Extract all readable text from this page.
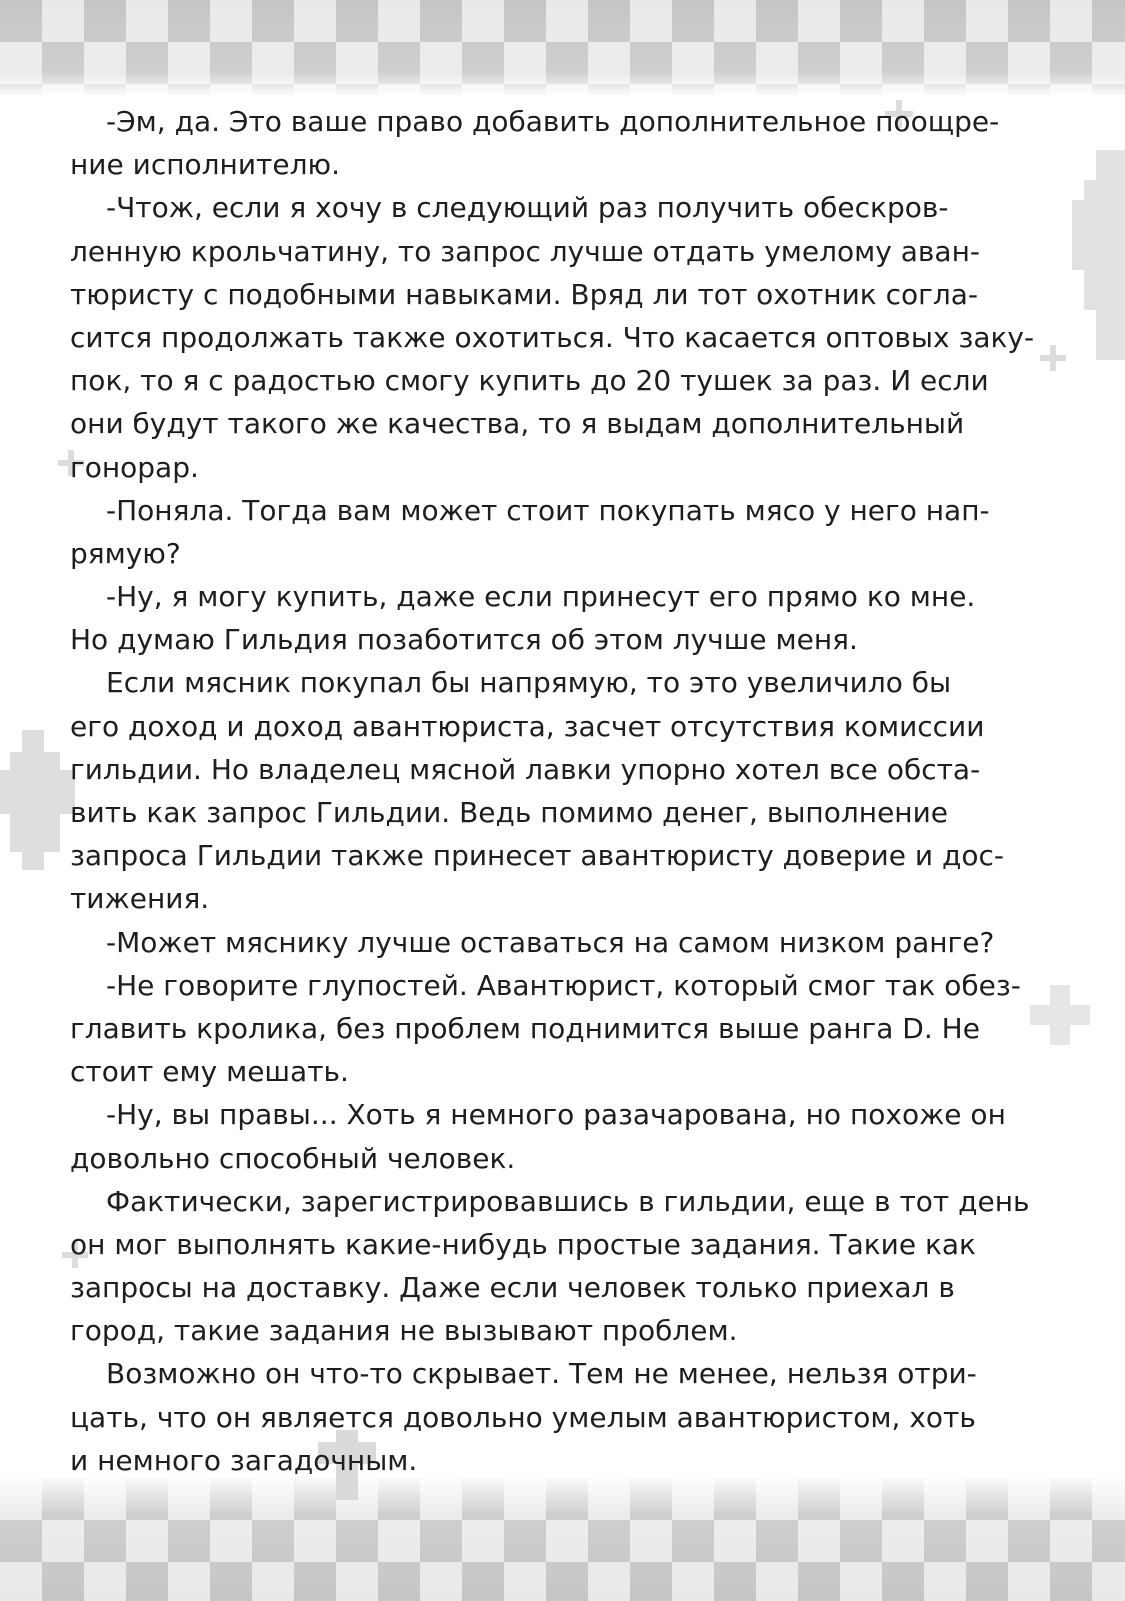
-Эм, да. Это ваше право добавить дополнительное поощре-
ние исполнителю.
-Чтож, если я хочу в следующий раз получить обескров-
ленную крольчатину, то запрос лучше отдать умелому аван-
тюристу с подобными навыками. Вряд ли тот охотник согла-
сится продолжать также охотиться. Что касается оптовых заку-
пок, то я с радостью смогу купить до 20 тушек за раз. И если
они будут такого же качества, то я выдам дополнительный
гонорар.
-Поняла. Тогда вам может стоит покупать мясо у него нап-
рямую?
-Ну, я могу купить, даже если принесут его прямо ко мне.
Но думаю Гильдия позаботится об этом лучше меня.
Если мясник покупал бы напрямую, то это увеличило бы
его доход и доход авантюриста, засчет отсутствия комиссии
гильдии. Но владелец мясной лавки упорно хотел все обста-
вить как запрос Гильдии. Ведь помимо денег, выполнение
запроса Гильдии также принесет авантюристу доверие и дос-
тижения.
-Может мяснику лучше оставаться на самом низком ранге?
-Не говорите глупостей. Авантюрист, который смог так обез-
главить кролика, без проблем поднимится выше ранга D. Не
стоит ему мешать.
-Ну, вы правы... Хоть я немного разачарована, но похоже он
довольно способный человек.
Фактически, зарегистрировавшись в гильдии, еще в тот день
он мог выполнять какие-нибудь простые задания. Такие как
запросы на доставку. Даже если человек только приехал в
город, такие задания не вызывают проблем.
Возможно он что-то скрывает. Тем не менее, нельзя отри-
цать, что он является довольно умелым авантюристом, хоть
и немного загадочным.
